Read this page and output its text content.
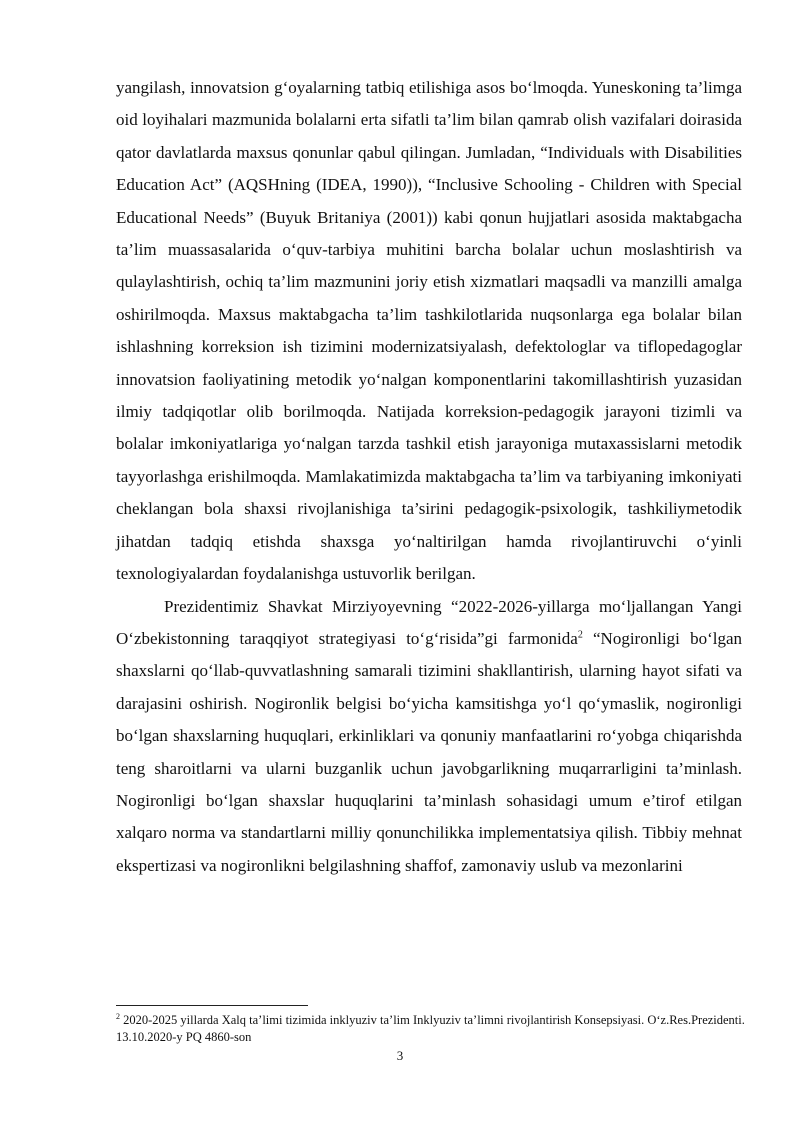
yangilash, innovatsion g‘oyalarning tatbiq etilishiga asos bo‘lmoqda. Yuneskoning ta’limga oid loyihalari mazmunida bolalarni erta sifatli ta’lim bilan qamrab olish vazifalari doirasida qator davlatlarda maxsus qonunlar qabul qilingan. Jumladan, “Individuals with Disabilities Education Act” (AQSHning (IDEA, 1990)), “Inclusive Schooling - Children with Special Educational Needs” (Buyuk Britaniya (2001)) kabi qonun hujjatlari asosida maktabgacha ta’lim muassasalarida o‘quv-tarbiya muhitini barcha bolalar uchun moslashtirish va qulaylashtirish, ochiq ta’lim mazmunini joriy etish xizmatlari maqsadli va manzilli amalga oshirilmoqda. Maxsus maktabgacha ta’lim tashkilotlarida nuqsonlarga ega bolalar bilan ishlashning korreksion ish tizimini modernizatsiyalash, defektologlar va tiflopedagoglar innovatsion faoliyatining metodik yo‘nalgan komponentlarini takomillashtirish yuzasidan ilmiy tadqiqotlar olib borilmoqda. Natijada korreksion-pedagogik jarayoni tizimli va bolalar imkoniyatlariga yo‘nalgan tarzda tashkil etish jarayoniga mutaxassislarni metodik tayyorlashga erishilmoqda. Mamlakatimizda maktabgacha ta’lim va tarbiyaning imkoniyati cheklangan bola shaxsi rivojlanishiga ta’sirini pedagogik-psixologik, tashkiliymetodik jihatdan tadqiq etishda shaxsga yo‘naltirilgan hamda rivojlantiruvchi o‘yinli texnologiyalardan foydalanishga ustuvorlik berilgan.

Prezidentimiz Shavkat Mirziyoyevning “2022-2026-yillarga mo‘ljallangan Yangi O‘zbekistonning taraqqiyot strategiyasi to‘g‘risida”gi farmonida$^2$ “Nogironligi bo‘lgan shaxslarni qo‘llab-quvvatlashning samarali tizimini shakllantirish, ularning hayot sifati va darajasini oshirish. Nogironlik belgisi bo‘yicha kamsitishga yo‘l qo‘ymaslik, nogironligi bo‘lgan shaxslarning huquqlari, erkinliklari va qonuniy manfaatlarini ro‘yobga chiqarishda teng sharoitlarni va ularni buzganlik uchun javobgarlikning muqarrarligini ta’minlash. Nogironligi bo‘lgan shaxslar huquqlarini ta’minlash sohasidagi umum e’tirof etilgan xalqaro norma va standartlarni milliy qonunchilikka implementatsiya qilish. Tibbiy mehnat ekspertizasi va nogironlikni belgilashning shaffof, zamonaviy uslub va mezonlarini

$^2$ 2020-2025 yillarda Xalq ta’limi tizimida inklyuziv ta’lim Inklyuziv ta’limni rivojlantirish Konsepsiyasi. O‘z.Res.Prezidenti. 13.10.2020-y PQ 4860-son

3
